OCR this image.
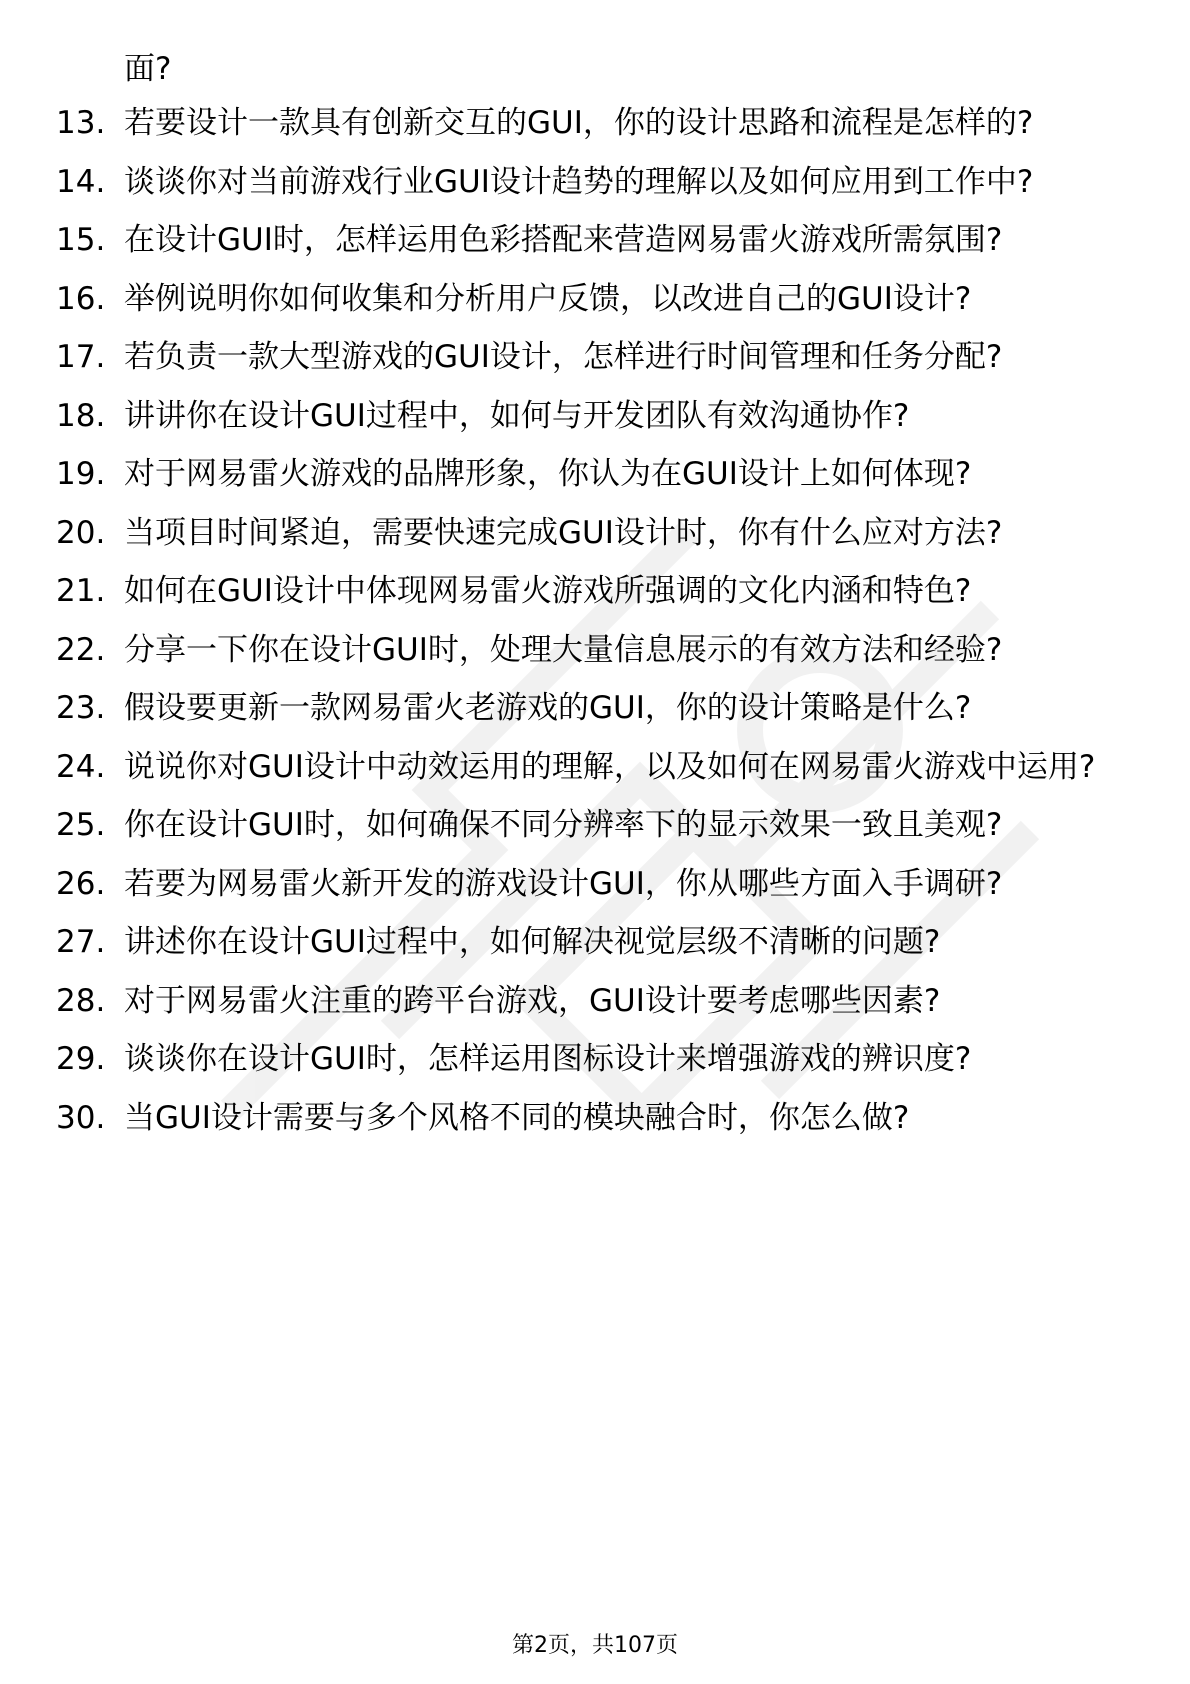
面?

13. 若要设计一款具有创新交互的GUI，你的设计思路和流程是怎样的?
14. 谈谈你对当前游戏行业GUI设计趋势的理解以及如何应用到工作中?
15. 在设计GUI时，怎样运用色彩搭配来营造网易雷火游戏所需氛围?
16. 举例说明你如何收集和分析用户反馈，以改进自己的GUI设计?
17. 若负责一款大型游戏的GUI设计，怎样进行时间管理和任务分配?
18. 讲讲你在设计GUI过程中，如何与开发团队有效沟通协作?
19. 对于网易雷火游戏的品牌形象，你认为在GUI设计上如何体现?
20. 当项目时间紧迫，需要快速完成GUI设计时，你有什么应对方法?
21. 如何在GUI设计中体现网易雷火游戏所强调的文化内涵和特色?
22. 分享一下你在设计GUI时，处理大量信息展示的有效方法和经验?
23. 假设要更新一款网易雷火老游戏的GUI，你的设计策略是什么?
24. 说说你对GUI设计中动效运用的理解，以及如何在网易雷火游戏中运用?
25. 你在设计GUI时，如何确保不同分辨率下的显示效果一致且美观?
26. 若要为网易雷火新开发的游戏设计GUI，你从哪些方面入手调研?
27. 讲述你在设计GUI过程中，如何解决视觉层级不清晰的问题?
28. 对于网易雷火注重的跨平台游戏，GUI设计要考虑哪些因素?
29. 谈谈你在设计GUI时，怎样运用图标设计来增强游戏的辨识度?
30. 当GUI设计需要与多个风格不同的模块融合时，你怎么做?
第2页，共107页
